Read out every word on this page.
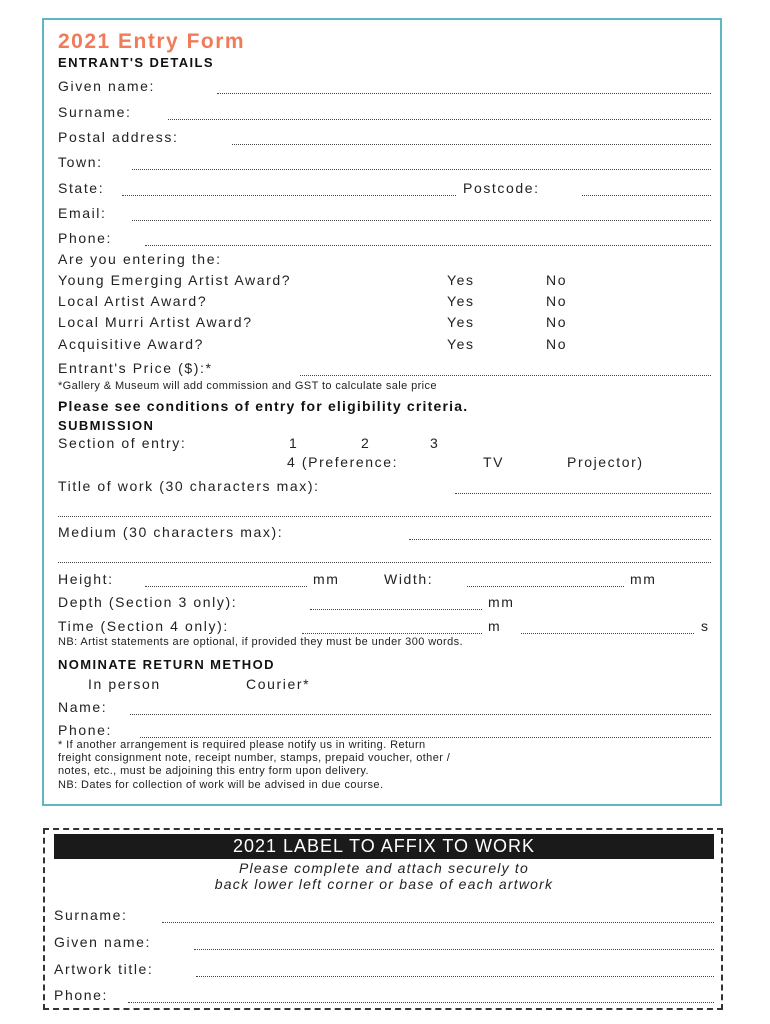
2021 Entry Form
ENTRANT'S DETAILS
Given name:
Surname:
Postal address:
Town:
State:	Postcode:
Email:
Phone:
Are you entering the:
Young Emerging Artist Award?	Yes	No
Local Artist Award?	Yes	No
Local Murri Artist Award?	Yes	No
Acquisitive Award?	Yes	No
Entrant's Price ($):*
*Gallery & Museum will add commission and GST to calculate sale price
Please see conditions of entry for eligibility criteria.
SUBMISSION
Section of entry:	1	2	3
4 (Preference:	TV	Projector)
Title of work (30 characters max):
Medium (30 characters max):
Height:	mm	Width:	mm
Depth (Section 3 only):	mm
Time (Section 4 only):	m	s
NB: Artist statements are optional, if provided they must be under 300 words.
NOMINATE RETURN METHOD
In person	Courier*
Name:
Phone:
* If another arrangement is required please notify us in writing. Return
freight consignment note, receipt number, stamps, prepaid voucher, other /
notes, etc., must be adjoining this entry form upon delivery.
NB: Dates for collection of work will be advised in due course.
2021 LABEL TO AFFIX TO WORK
Please complete and attach securely to
back lower left corner or base of each artwork
Surname:
Given name:
Artwork title:
Phone:
